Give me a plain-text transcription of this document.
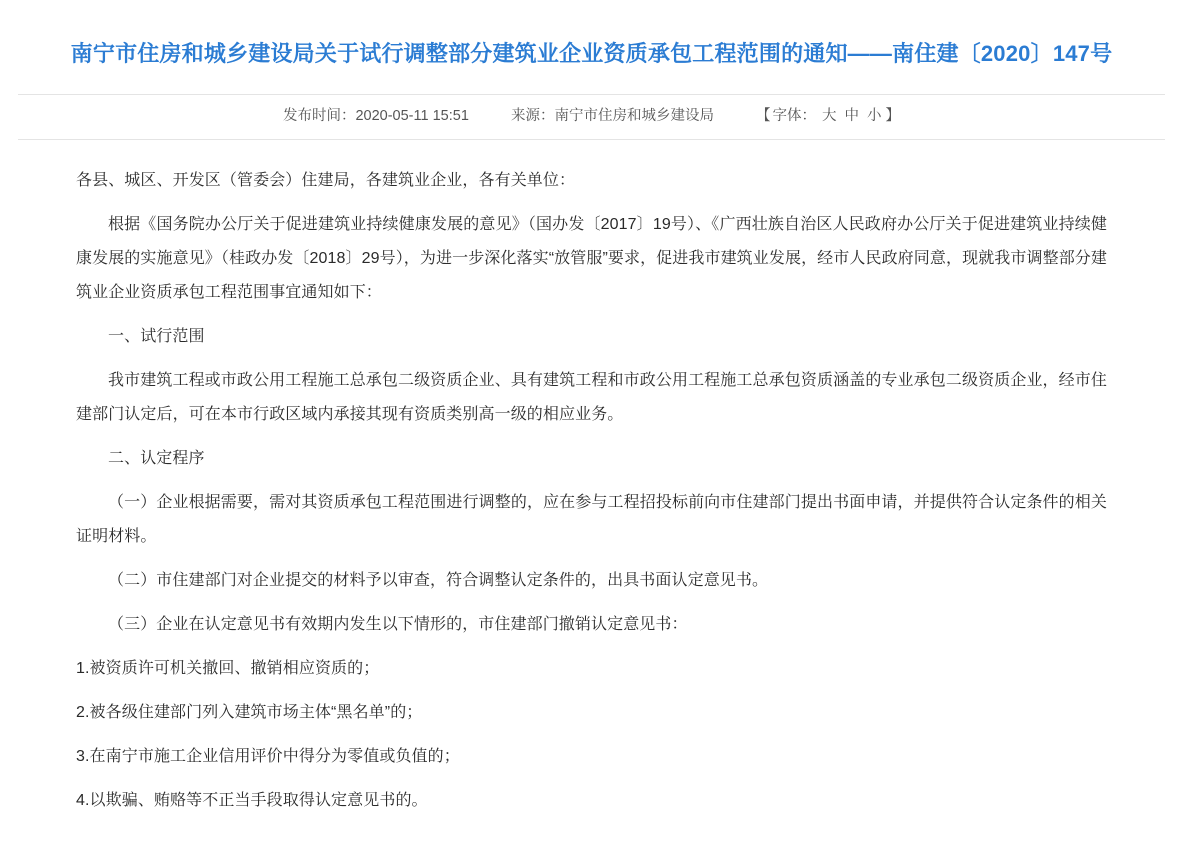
南宁市住房和城乡建设局关于试行调整部分建筑业企业资质承包工程范围的通知——南住建〔2020〕147号
发布时间：2020-05-11 15:51	来源：南宁市住房和城乡建设局	【 字体： 大 中 小 】

各县、城区、开发区（管委会）住建局，各建筑业企业，各有关单位：

根据《国务院办公厅关于促进建筑业持续健康发展的意见》（国办发〔2017〕19号）、《广西壮族自治区人民政府办公厅关于促进建筑业持续健康发展的实施意见》（桂政办发〔2018〕29号），为进一步深化落实“放管服”要求，促进我市建筑业发展，经市人民政府同意，现就我市调整部分建筑业企业资质承包工程范围事宜通知如下：

一、试行范围

我市建筑工程或市政公用工程施工总承包二级资质企业、具有建筑工程和市政公用工程施工总承包资质涵盖的专业承包二级资质企业，经市住建部门认定后，可在本市行政区域内承接其现有资质类别高一级的相应业务。

二、认定程序

（一）企业根据需要，需对其资质承包工程范围进行调整的，应在参与工程招投标前向市住建部门提出书面申请，并提供符合认定条件的相关证明材料。

（二）市住建部门对企业提交的材料予以审查，符合调整认定条件的，出具书面认定意见书。

（三）企业在认定意见书有效期内发生以下情形的，市住建部门撤销认定意见书：

1.被资质许可机关撤回、撤销相应资质的；

2.被各级住建部门列入建筑市场主体“黑名单”的；

3.在南宁市施工企业信用评价中得分为零值或负值的；

4.以欺骗、贿赂等不正当手段取得认定意见书的。
